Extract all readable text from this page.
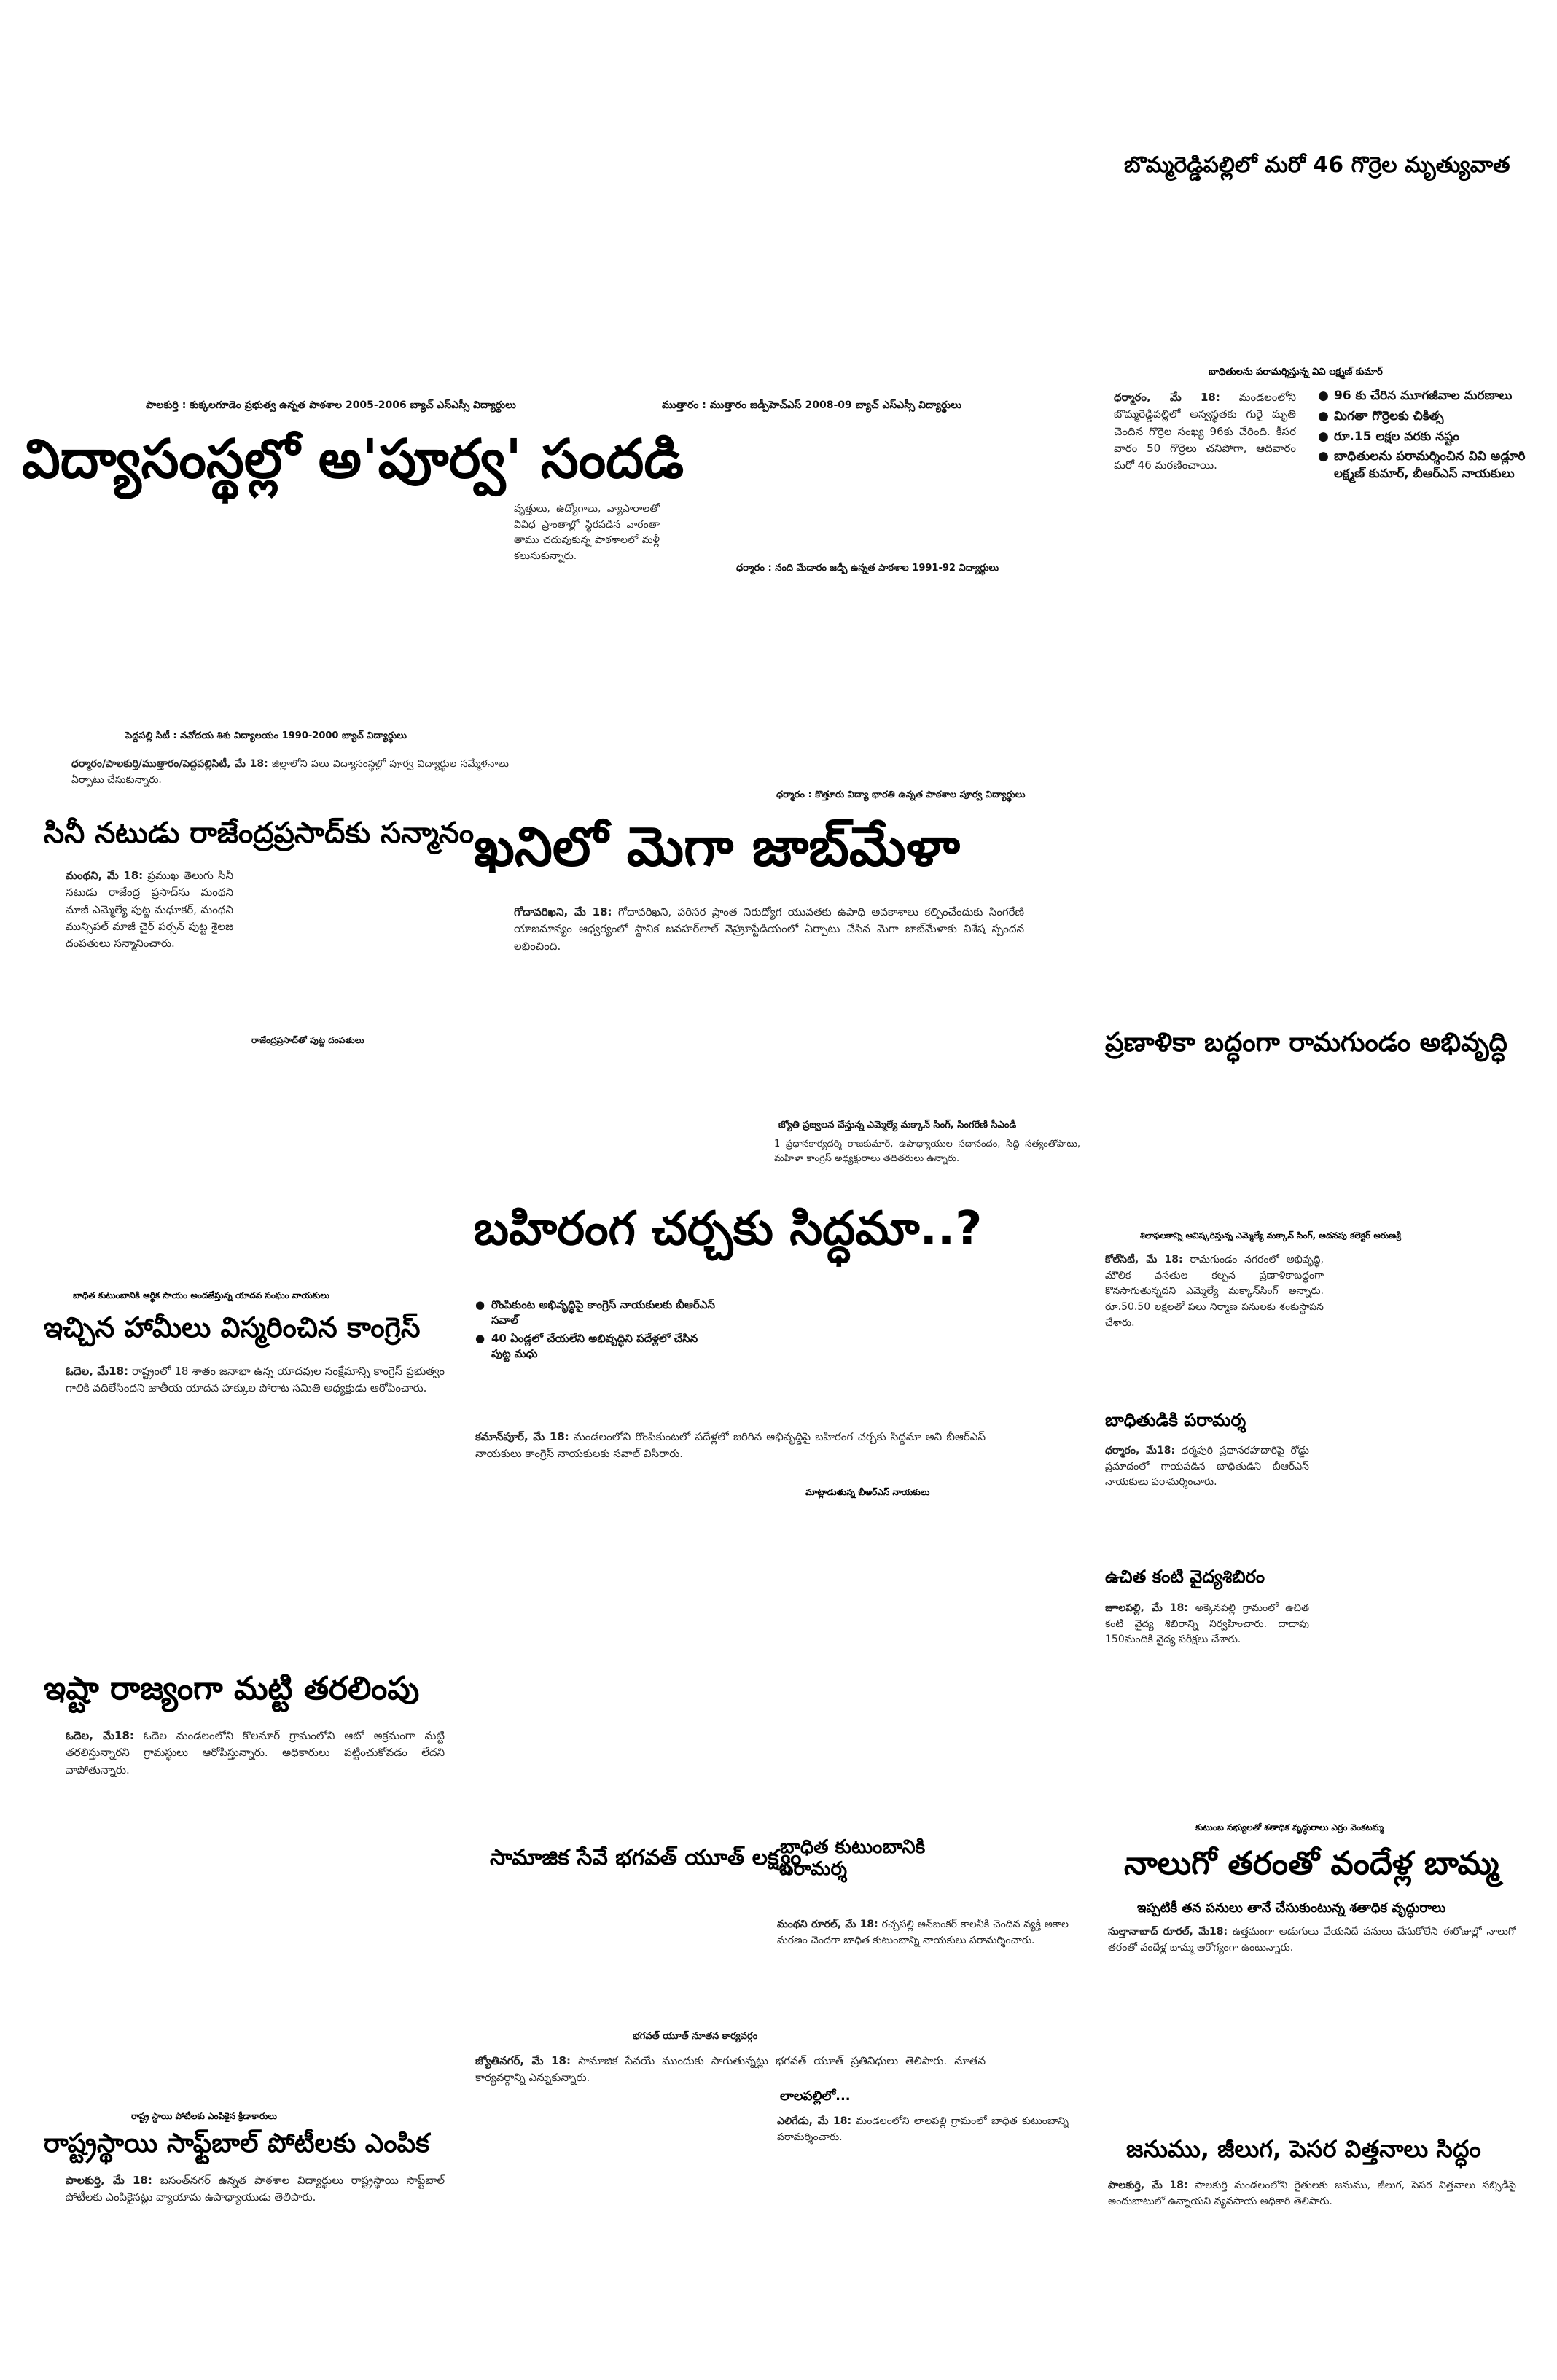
బొమ్మరెడ్డిపల్లిలో మరో 46 గొర్రెల మృత్యువాత
పాలకుర్తి : కుక్కలగూడెం ప్రభుత్వ ఉన్నత పాఠశాల 2005-2006 బ్యాచ్ ఎస్ఎస్సీ విద్యార్థులు	ముత్తారం : ముత్తారం జడ్పీహెచ్ఎస్ 2008-09 బ్యాచ్ ఎస్ఎస్సీ విద్యార్థులు
విద్యాసంస్థల్లో అ'పూర్వ' సందడి

వృత్తులు, ఉద్యోగాలు, వ్యాపారాలతో వివిధ ప్రాంతాల్లో స్థిరపడిన వారంతా తాము చదువుకున్న పాఠశాలలో మళ్లీ కలుసుకున్నారు.

ధర్మారం : నంది మేడారం జడ్పీ ఉన్నత పాఠశాల 1991-92 విద్యార్థులు
పెద్దపల్లి సిటీ : నవోదయ శిశు విద్యాలయం 1990-2000 బ్యాచ్ విద్యార్థులు

ధర్మారం/పాలకుర్తి/ముత్తారం/పెద్దపల్లిసిటీ, మే 18: జిల్లాలోని పలు విద్యాసంస్థల్లో పూర్వ విద్యార్థుల సమ్మేళనాలు ఏర్పాటు చేసుకున్నారు.

ధర్మారం : కొత్తూరు విద్యా భారతి ఉన్నత పాఠశాల పూర్వ విద్యార్థులు
బాధితులను పరామర్శిస్తున్న వివి లక్ష్మణ్ కుమార్

ధర్మారం, మే 18: మండలంలోని బొమ్మరెడ్డిపల్లిలో అస్వస్థతకు గురై మృతి చెందిన గొర్రెల సంఖ్య 96కు చేరింది. కీసర వారం 50 గొర్రెలు చనిపోగా, ఆదివారం మరో 46 మరణించాయి.

● 96 కు చేరిన మూగజీవాల మరణాలు
● మిగతా గొర్రెలకు చికిత్స
● రూ.15 లక్షల వరకు నష్టం
● బాధితులను పరామర్శించిన వివి అడ్లూరి లక్ష్మణ్ కుమార్, బీఆర్ఎస్ నాయకులు
సినీ నటుడు రాజేంద్రప్రసాద్‌కు సన్మానం

మంథని, మే 18: ప్రముఖ తెలుగు సినీ నటుడు రాజేంద్ర ప్రసాద్‌ను మంథని మాజీ ఎమ్మెల్యే పుట్ట మధూకర్, మంథని మున్సిపల్ మాజీ చైర్ పర్సన్ పుట్ట శైలజ దంపతులు సన్మానించారు.

రాజేంద్రప్రసాద్‌తో పుట్ట దంపతులు
ఖనిలో మెగా జాబ్‌మేళా

గోదావరిఖని, మే 18: గోదావరిఖని, పరిసర ప్రాంత నిరుద్యోగ యువతకు ఉపాధి అవకాశాలు కల్పించేందుకు సింగరేణి యాజమాన్యం ఆధ్వర్యంలో స్థానిక జవహర్‌లాల్ నెహ్రూస్టేడియంలో ఏర్పాటు చేసిన మెగా జాబ్‌మేళాకు విశేష స్పందన లభించింది.

జ్యోతి ప్రజ్వలన చేస్తున్న ఎమ్మెల్యే మక్కాన్ సింగ్, సింగరేణి సీఎండీ
1 ప్రధానకార్యదర్శి రాజకుమార్, ఉపాధ్యాయుల సదానందం, సిద్ది సత్యంతోపాటు, మహిళా కాంగ్రెస్ అధ్యక్షురాలు తదితరులు ఉన్నారు.
ప్రణాళికా బద్ధంగా రామగుండం అభివృద్ధి
శిలాఫలకాన్ని ఆవిష్కరిస్తున్న ఎమ్మెల్యే మక్కాన్ సింగ్, అదనపు కలెక్టర్ అరుణశ్రీ

కోల్‌సిటీ, మే 18: రామగుండం నగరంలో అభివృద్ధి, మౌలిక వసతుల కల్పన ప్రణాళికాబద్ధంగా కొనసాగుతున్నదని ఎమ్మెల్యే మక్కాన్‌సింగ్ అన్నారు. రూ.50.50 లక్షలతో పలు నిర్మాణ పనులకు శంకుస్థాపన చేశారు.

బహిరంగ చర్చకు సిద్ధమా..?
● రొంపికుంట అభివృద్ధిపై కాంగ్రెస్ నాయకులకు బీఆర్ఎస్ సవాల్
● 40 ఏండ్లలో చేయలేని అభివృద్ధిని పదేళ్లలో చేసిన పుట్ట మధు

కమాన్‌పూర్, మే 18: మండలంలోని రొంపికుంటలో పదేళ్లలో జరిగిన అభివృద్ధిపై బహిరంగ చర్చకు సిద్ధమా అని బీఆర్ఎస్ నాయకులు కాంగ్రెస్ నాయకులకు సవాల్ విసిరారు.

మాట్లాడుతున్న బీఆర్ఎస్ నాయకులు
బాధిత కుటుంబానికి ఆర్థిక సాయం అందజేస్తున్న యాదవ సంఘం నాయకులు
బాధితుడికి పరామర్శ

ధర్మారం, మే18: ధర్మపురి ప్రధానరహదారిపై రోడ్డు ప్రమాదంలో గాయపడిన బాధితుడిని బీఆర్ఎస్ నాయకులు పరామర్శించారు.

ఇచ్చిన హామీలు విస్మరించిన కాంగ్రెస్

ఓదెల, మే18: రాష్ట్రంలో 18 శాతం జనాభా ఉన్న యాదవుల సంక్షేమాన్ని కాంగ్రెస్ ప్రభుత్వం గాలికి వదిలేసిందని జాతీయ యాదవ హక్కుల పోరాట సమితి అధ్యక్షుడు ఆరోపించారు.

ఉచిత కంటి వైద్యశిబిరం

జూలపల్లి, మే 18: అక్కెనపల్లి గ్రామంలో ఉచిత కంటి వైద్య శిబిరాన్ని నిర్వహించారు. దాదాపు 150మందికి వైద్య పరీక్షలు చేశారు.

ఇష్టా రాజ్యంగా మట్టి తరలింపు

ఓదెల, మే18: ఓదెల మండలంలోని కొలనూర్ గ్రామంలోని ఆటో అక్రమంగా మట్టి తరలిస్తున్నారని గ్రామస్థులు ఆరోపిస్తున్నారు. అధికారులు పట్టించుకోవడం లేదని వాపోతున్నారు.

సామాజిక సేవే భగవత్ యూత్ లక్ష్యం
భగవత్ యూత్ నూతన కార్యవర్గం

జ్యోతినగర్, మే 18: సామాజిక సేవయే ముందుకు సాగుతున్నట్లు భగవత్ యూత్ ప్రతినిధులు తెలిపారు. నూతన కార్యవర్గాన్ని ఎన్నుకున్నారు.

బాధిత కుటుంబానికి పరామర్శ

మంథని రూరల్, మే 18: రచ్చపల్లి అన్‌బంకర్ కాలనీకి చెందిన వ్యక్తి అకాల మరణం చెందగా బాధిత కుటుంబాన్ని నాయకులు పరామర్శించారు.

లాలపల్లిలో...

ఎలిగేడు, మే 18: మండలంలోని లాలపల్లి గ్రామంలో బాధిత కుటుంబాన్ని పరామర్శించారు.

కుటుంబ సభ్యులతో శతాధిక వృద్ధురాలు ఎర్రం వెంకటమ్మ
నాలుగో తరంతో వందేళ్ల బామ్మ
ఇప్పటికీ తన పనులు తానే చేసుకుంటున్న శతాధిక వృద్ధురాలు

సుల్తానాబాద్ రూరల్, మే18: ఉత్తమంగా అడుగులు వేయనిదే పనులు చేసుకోలేని ఈరోజుల్లో నాలుగో తరంతో వందేళ్ల బామ్మ ఆరోగ్యంగా ఉంటున్నారు.

రాష్ట్ర స్థాయి పోటీలకు ఎంపికైన క్రీడాకారులు
రాష్ట్రస్థాయి సాఫ్ట్‌బాల్ పోటీలకు ఎంపిక

పాలకుర్తి, మే 18: బసంత్‌నగర్ ఉన్నత పాఠశాల విద్యార్థులు రాష్ట్రస్థాయి సాఫ్ట్‌బాల్ పోటీలకు ఎంపికైనట్లు వ్యాయామ ఉపాధ్యాయుడు తెలిపారు.

జనుము, జీలుగ, పెసర విత్తనాలు సిద్ధం

పాలకుర్తి, మే 18: పాలకుర్తి మండలంలోని రైతులకు జనుము, జీలుగ, పెసర విత్తనాలు సబ్సిడీపై అందుబాటులో ఉన్నాయని వ్యవసాయ అధికారి తెలిపారు.
